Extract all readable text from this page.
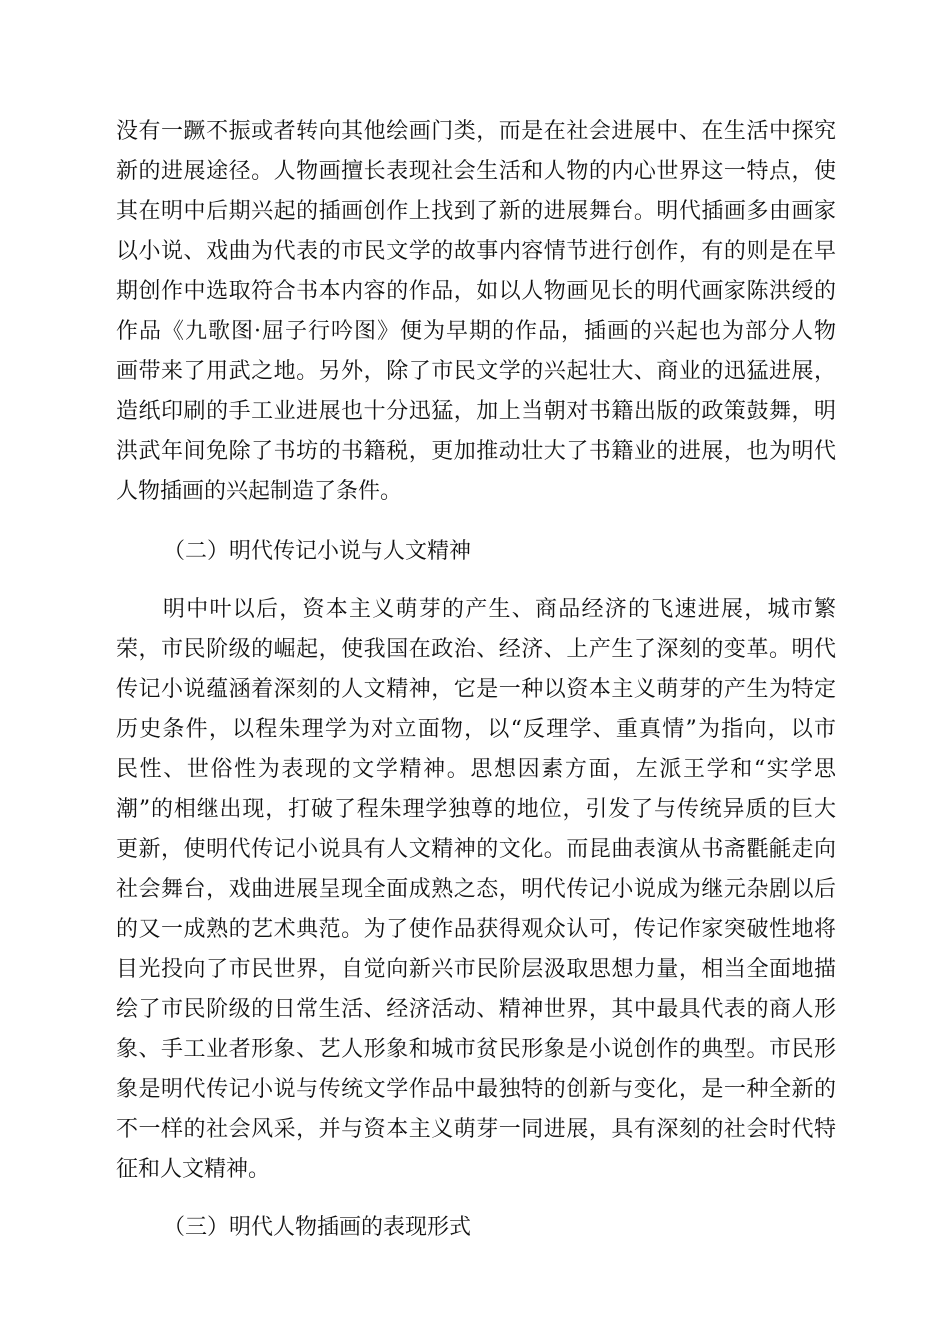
没有一蹶不振或者转向其他绘画门类，而是在社会进展中、在生活中探究
新的进展途径。人物画擅长表现社会生活和人物的内心世界这一特点，使
其在明中后期兴起的插画创作上找到了新的进展舞台。明代插画多由画家
以小说、戏曲为代表的市民文学的故事内容情节进行创作，有的则是在早
期创作中选取符合书本内容的作品，如以人物画见长的明代画家陈洪绶的
作品《九歌图·屈子行吟图》便为早期的作品，插画的兴起也为部分人物
画带来了用武之地。另外，除了市民文学的兴起壮大、商业的迅猛进展，
造纸印刷的手工业进展也十分迅猛，加上当朝对书籍出版的政策鼓舞，明
洪武年间免除了书坊的书籍税，更加推动壮大了书籍业的进展，也为明代
人物插画的兴起制造了条件。
（二）明代传记小说与人文精神
明中叶以后，资本主义萌芽的产生、商品经济的飞速进展，城市繁
荣，市民阶级的崛起，使我国在政治、经济、上产生了深刻的变革。明代
传记小说蕴涵着深刻的人文精神，它是一种以资本主义萌芽的产生为特定
历史条件，以程朱理学为对立面物，以“反理学、重真情”为指向，以市
民性、世俗性为表现的文学精神。思想因素方面，左派王学和“实学思
潮”的相继出现，打破了程朱理学独尊的地位，引发了与传统异质的巨大
更新，使明代传记小说具有人文精神的文化。而昆曲表演从书斋氍毹走向
社会舞台，戏曲进展呈现全面成熟之态，明代传记小说成为继元杂剧以后
的又一成熟的艺术典范。为了使作品获得观众认可，传记作家突破性地将
目光投向了市民世界，自觉向新兴市民阶层汲取思想力量，相当全面地描
绘了市民阶级的日常生活、经济活动、精神世界，其中最具代表的商人形
象、手工业者形象、艺人形象和城市贫民形象是小说创作的典型。市民形
象是明代传记小说与传统文学作品中最独特的创新与变化，是一种全新的
不一样的社会风采，并与资本主义萌芽一同进展，具有深刻的社会时代特
征和人文精神。
（三）明代人物插画的表现形式
